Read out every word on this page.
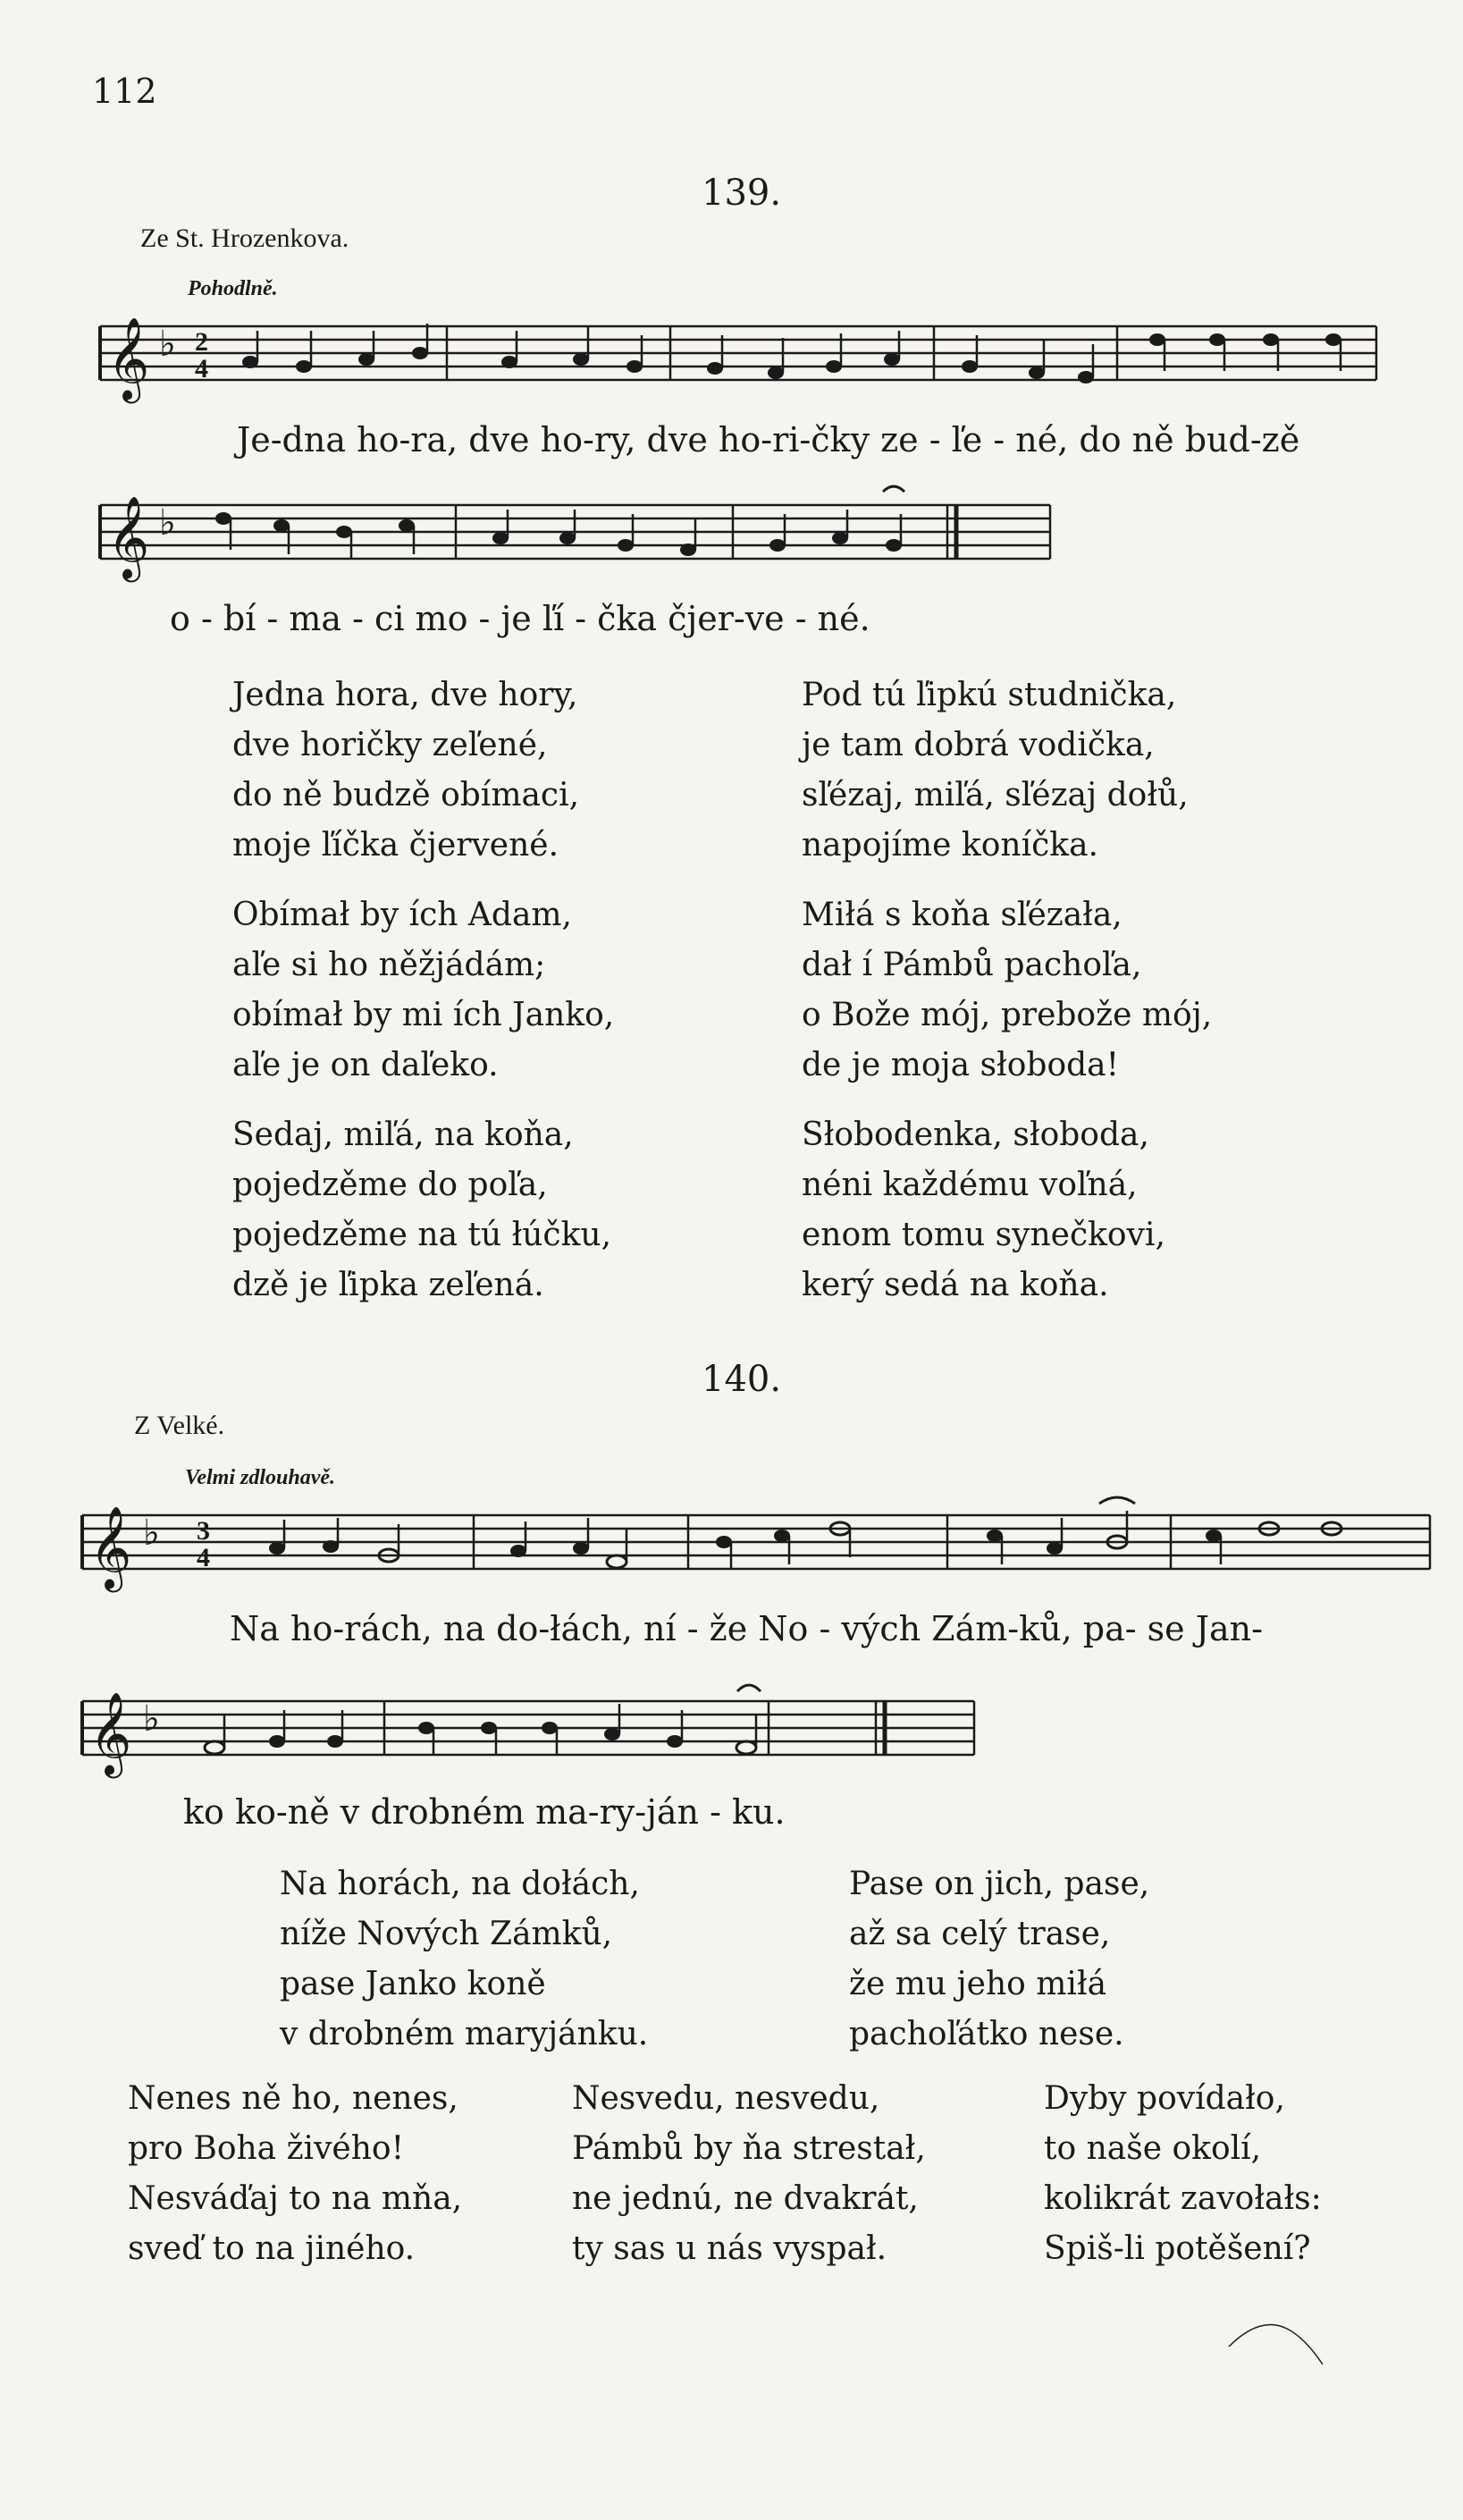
112
139.
Ze St. Hrozenkova.
Pohodlně.
𝄞 ♭ 2
4
Je-dna ho-ra, dve ho-ry, dve ho-ri-čky ze - ľe - né, do ně bud-zě
𝄞 ♭
o - bí - ma - ci mo - je ľí - čka čjer-ve - né.
Jedna hora, dve hory,
dve horičky zeľené,
do ně budzě obímaci,
moje ľíčka čjervené.
Obímał by ích Adam,
aľe si ho něžjádám;
obímał by mi ích Janko,
aľe je on daľeko.
Sedaj, miľá, na koňa,
pojedzěme do poľa,
pojedzěme na tú łúčku,
dzě je ľipka zeľená.
Pod tú ľipkú studnička,
je tam dobrá vodička,
sľézaj, miľá, sľézaj dołů,
napojíme koníčka.
Miłá s koňa sľézała,
dał í Pámbů pachoľa,
o Bože mój, prebože mój,
de je moja słoboda!
Słobodenka, słoboda,
néni každému voľná,
enom tomu synečkovi,
kerý sedá na koňa.
140.
Z Velké.
Velmi zdlouhavě.
𝄞 ♭ 3
4
Na ho-rách, na do-łách, ní - že No - vých Zám-ků, pa- se Jan-
𝄞 ♭
ko ko-ně v drobném ma-ry-ján - ku.
Na horách, na dołách,
níže Nových Zámků,
pase Janko koně
v drobném maryjánku.
Pase on jich, pase,
až sa celý trase,
že mu jeho miłá
pachoľátko nese.
Nenes ně ho, nenes,
pro Boha živého!
Nesváďaj to na mňa,
sveď to na jiného.
Nesvedu, nesvedu,
Pámbů by ňa strestał,
ne jednú, ne dvakrát,
ty sas u nás vyspał.
Dyby povídało,
to naše okolí,
kolikrát zavołałs:
Spiš-li potěšení?
